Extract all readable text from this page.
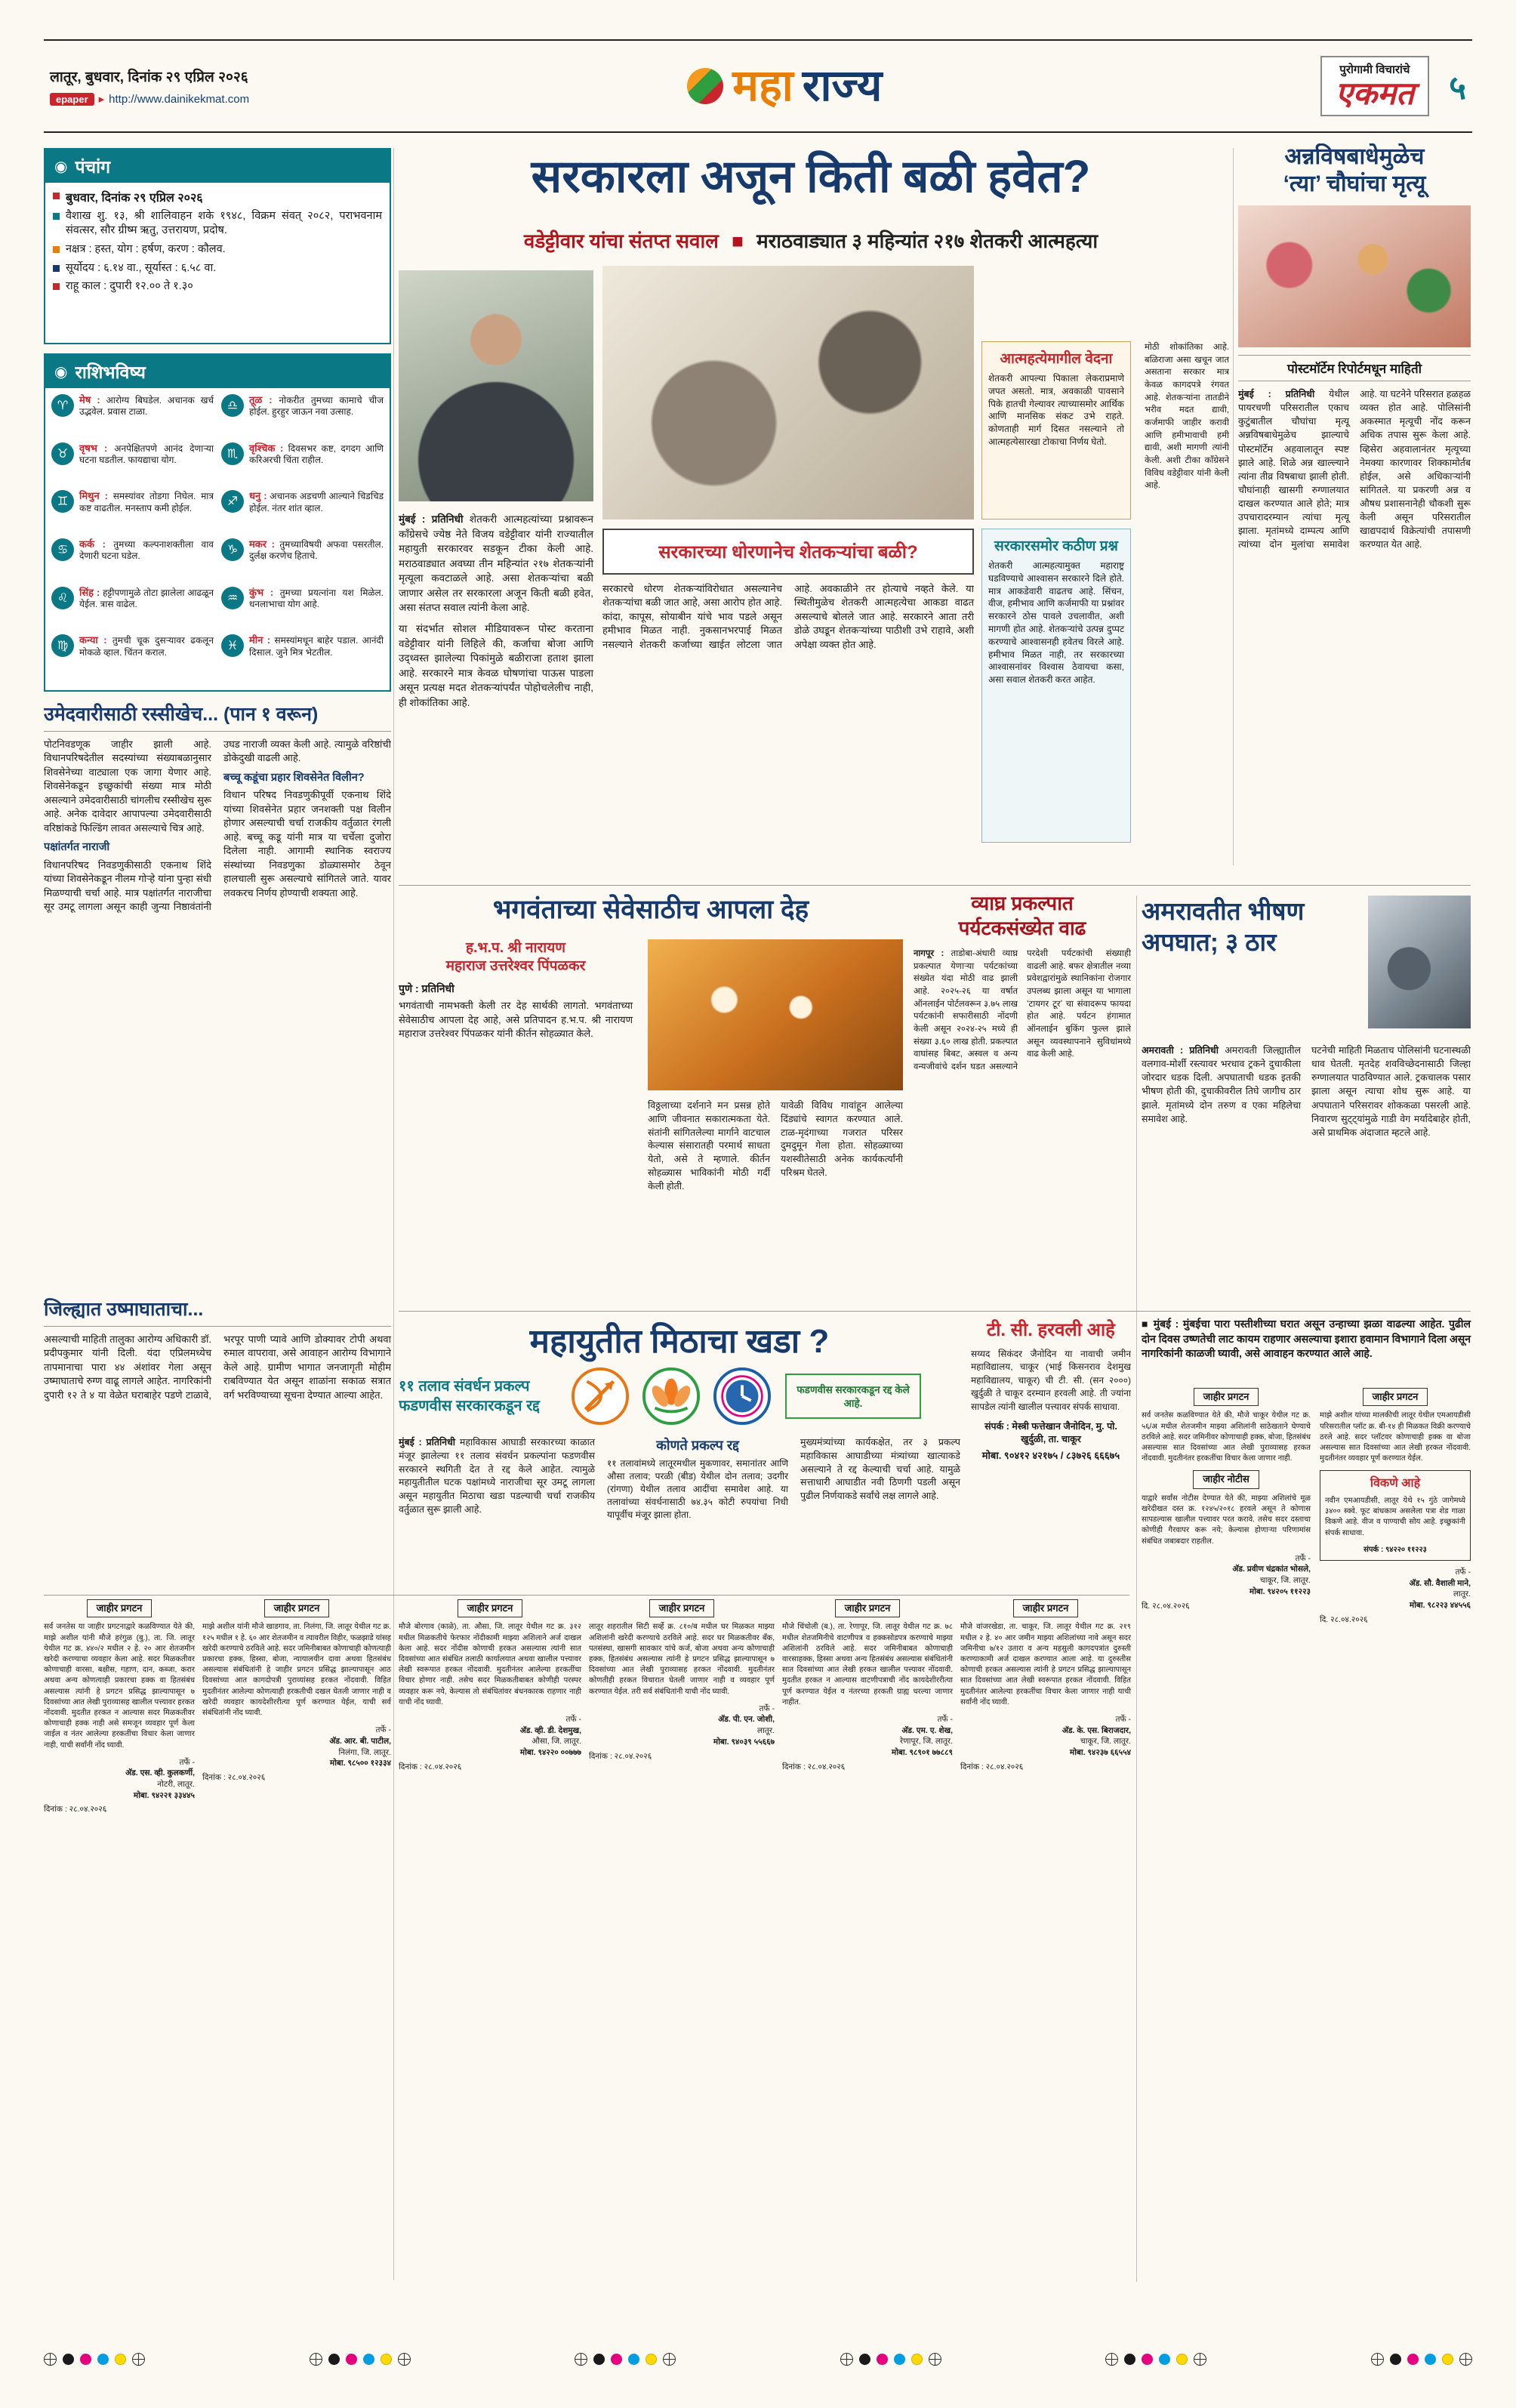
लातूर, बुधवार, दिनांक २९ एप्रिल २०२६
epaper ▸ http://www.dainikekmat.com	महा राज्य	पुरोगामी विचारांचे
एकमत ५
◉ पंचांग
बुधवार, दिनांक २९ एप्रिल २०२६
वैशाख शु. १३, श्री शालिवाहन शके १९४८, विक्रम संवत् २०८२, पराभवनाम संवत्सर, सौर ग्रीष्म ऋतु, उत्तरायण, प्रदोष.
नक्षत्र : हस्त, योग : हर्षण, करण : कौलव.
सूर्योदय : ६.१४ वा., सूर्यास्त : ६.५८ वा.
राहू काल : दुपारी १२.०० ते १.३०
◉ राशिभविष्य
♈	मेष : आरोग्य बिघडेल. अचानक खर्च उद्भवेल. प्रवास टाळा.
♉	वृषभ : अनपेक्षितपणे आनंद देणाऱ्या घटना घडतील. फायद्याचा योग.
♊	मिथुन : समस्यांवर तोडगा निघेल. मात्र कष्ट वाढतील. मनस्ताप कमी होईल.
♋	कर्क : तुमच्या कल्पनाशक्तीला वाव देणारी घटना घडेल.
♌	सिंह : हट्टीपणामुळे तोटा झालेला आढळून येईल. त्रास वाढेल.
♍	कन्या : तुमची चूक दुसऱ्यावर ढकलून मोकळे व्हाल. चिंतन कराल.
♎	तूळ : नोकरीत तुमच्या कामाचे चीज होईल. हुरहुर जाऊन नवा उत्साह.
♏	वृश्चिक : दिवसभर कष्ट, दगदग आणि करिअरची चिंता राहील.
♐	धनु : अचानक अडचणी आल्याने चिडचिड होईल. नंतर शांत व्हाल.
♑	मकर : तुमच्याविषयी अफवा पसरतील. दुर्लक्ष करणेच हिताचे.
♒	कुंभ : तुमच्या प्रयत्नांना यश मिळेल. धनलाभाचा योग आहे.
♓	मीन : समस्यांमधून बाहेर पडाल. आनंदी दिसाल. जुने मित्र भेटतील.
उमेदवारीसाठी रस्सीखेच... (पान १ वरून)

पोटनिवडणूक जाहीर झाली आहे. विधानपरिषदेतील सदस्यांच्या संख्याबळानुसार शिवसेनेच्या वाट्याला एक जागा येणार आहे. शिवसेनेकडून इच्छुकांची संख्या मात्र मोठी असल्याने उमेदवारीसाठी चांगलीच रस्सीखेच सुरू आहे. अनेक दावेदार आपापल्या उमेदवारीसाठी वरिष्ठांकडे फिल्डिंग लावत असल्याचे चित्र आहे.

पक्षांतर्गत नाराजी

विधानपरिषद निवडणुकीसाठी एकनाथ शिंदे यांच्या शिवसेनेकडून नीलम गोऱ्हे यांना पुन्हा संधी मिळण्याची चर्चा आहे. मात्र पक्षांतर्गत नाराजीचा सूर उमटू लागला असून काही जुन्या निष्ठावंतांनी उघड नाराजी व्यक्त केली आहे. त्यामुळे वरिष्ठांची डोकेदुखी वाढली आहे.

बच्चू कडूंचा प्रहार शिवसेनेत विलीन?

विधान परिषद निवडणुकीपूर्वी एकनाथ शिंदे यांच्या शिवसेनेत प्रहार जनशक्ती पक्ष विलीन होणार असल्याची चर्चा राजकीय वर्तुळात रंगली आहे. बच्चू कडू यांनी मात्र या चर्चेला दुजोरा दिलेला नाही. आगामी स्थानिक स्वराज्य संस्थांच्या निवडणुका डोळ्यासमोर ठेवून हालचाली सुरू असल्याचे सांगितले जाते. यावर लवकरच निर्णय होण्याची शक्यता आहे.

जिल्ह्यात उष्माघाताचा...

असल्याची माहिती तालुका आरोग्य अधिकारी डॉ. प्रदीपकुमार यांनी दिली. यंदा एप्रिलमध्येच तापमानाचा पारा ४४ अंशांवर गेला असून उष्माघाताचे रुग्ण वाढू लागले आहेत. नागरिकांनी दुपारी १२ ते ४ या वेळेत घराबाहेर पडणे टाळावे, भरपूर पाणी प्यावे आणि डोक्यावर टोपी अथवा रुमाल वापरावा, असे आवाहन आरोग्य विभागाने केले आहे. ग्रामीण भागात जनजागृती मोहीम राबविण्यात येत असून शाळांना सकाळ सत्रात वर्ग भरविण्याच्या सूचना देण्यात आल्या आहेत.

सरकारला अजून किती बळी हवेत?
वडेट्टीवार यांचा संतप्त सवाल ■ मराठवाड्यात ३ महिन्यांत २१७ शेतकरी आत्महत्या

मुंबई : प्रतिनिधी शेतकरी आत्महत्यांच्या प्रश्नावरून काँग्रेसचे ज्येष्ठ नेते विजय वडेट्टीवार यांनी राज्यातील महायुती सरकारवर सडकून टीका केली आहे. मराठवाड्यात अवघ्या तीन महिन्यांत २१७ शेतकऱ्यांनी मृत्यूला कवटाळले आहे. असा शेतकऱ्यांचा बळी जाणार असेल तर सरकारला अजून किती बळी हवेत, असा संतप्त सवाल त्यांनी केला आहे.

या संदर्भात सोशल मीडियावरून पोस्ट करताना वडेट्टीवार यांनी लिहिले की, कर्जाचा बोजा आणि उद्ध्वस्त झालेल्या पिकांमुळे बळीराजा हताश झाला आहे. सरकारने मात्र केवळ घोषणांचा पाऊस पाडला असून प्रत्यक्ष मदत शेतकऱ्यांपर्यंत पोहोचलेलीच नाही, ही शोकांतिका आहे.

मोठी शोकांतिका आहे. बळिराजा असा खचून जात असताना सरकार मात्र केवळ कागदपत्रे रंगवत आहे. शेतकऱ्यांना तातडीने भरीव मदत द्यावी, कर्जमाफी जाहीर करावी आणि हमीभावाची हमी द्यावी, अशी मागणी त्यांनी केली. अशी टीका काँग्रेसने विविध वडेट्टीवार यांनी केली आहे.

सरकारच्या धोरणानेच शेतकऱ्यांचा बळी?

सरकारचे धोरण शेतकऱ्यांविरोधात असल्यानेच शेतकऱ्यांचा बळी जात आहे, असा आरोप होत आहे. कांदा, कापूस, सोयाबीन यांचे भाव पडले असून हमीभाव मिळत नाही. नुकसानभरपाई मिळत नसल्याने शेतकरी कर्जाच्या खाईत लोटला जात आहे. अवकाळीने तर होत्याचे नव्हते केले. या स्थितीमुळेच शेतकरी आत्महत्येचा आकडा वाढत असल्याचे बोलले जात आहे. सरकारने आता तरी डोळे उघडून शेतकऱ्यांच्या पाठीशी उभे राहावे, अशी अपेक्षा व्यक्त होत आहे.

आत्महत्येमागील वेदना

शेतकरी आपल्या पिकाला लेकराप्रमाणे जपत असतो. मात्र, अवकाळी पावसाने पिके हातची गेल्यावर त्याच्यासमोर आर्थिक आणि मानसिक संकट उभे राहते. कोणताही मार्ग दिसत नसल्याने तो आत्महत्येसारखा टोकाचा निर्णय घेतो.

सरकारसमोर कठीण प्रश्न

शेतकरी आत्महत्यामुक्त महाराष्ट्र घडविण्याचे आश्वासन सरकारने दिले होते. मात्र आकडेवारी वाढतच आहे. सिंचन, वीज, हमीभाव आणि कर्जमाफी या प्रश्नांवर सरकारने ठोस पावले उचलावीत, अशी मागणी होत आहे. शेतकऱ्यांचे उत्पन्न दुप्पट करण्याचे आश्वासनही हवेतच विरले आहे. हमीभाव मिळत नाही, तर सरकारच्या आश्वासनांवर विश्वास ठेवायचा कसा, असा सवाल शेतकरी करत आहेत.

अन्नविषबाधेमुळेच
‘त्या’ चौघांचा मृत्यू
पोस्टमॉर्टेम रिपोर्टमधून माहिती

मुंबई : प्रतिनिधी येथील पायरचणी परिसरातील एकाच कुटुंबातील चौघांचा मृत्यू अन्नविषबाधेमुळेच झाल्याचे पोस्टमॉर्टेम अहवालातून स्पष्ट झाले आहे. शिळे अन्न खाल्ल्याने त्यांना तीव्र विषबाधा झाली होती. चौघांनाही खासगी रुग्णालयात दाखल करण्यात आले होते; मात्र उपचारादरम्यान त्यांचा मृत्यू झाला. मृतांमध्ये दाम्पत्य आणि त्यांच्या दोन मुलांचा समावेश आहे. या घटनेने परिसरात हळहळ व्यक्त होत आहे. पोलिसांनी अकस्मात मृत्यूची नोंद करून अधिक तपास सुरू केला आहे. व्हिसेरा अहवालानंतर मृत्यूच्या नेमक्या कारणावर शिक्कामोर्तब होईल, असे अधिकाऱ्यांनी सांगितले. या प्रकरणी अन्न व औषध प्रशासनानेही चौकशी सुरू केली असून परिसरातील खाद्यपदार्थ विक्रेत्यांची तपासणी करण्यात येत आहे.

भगवंताच्या सेवेसाठीच आपला देह
ह.भ.प. श्री नारायण
महाराज उत्तरेश्वर पिंपळकर
पुणे : प्रतिनिधी

भगवंताची नामभक्ती केली तर देह सार्थकी लागतो. भगवंताच्या सेवेसाठीच आपला देह आहे, असे प्रतिपादन ह.भ.प. श्री नारायण महाराज उत्तरेश्वर पिंपळकर यांनी कीर्तन सोहळ्यात केले.

विठ्ठलाच्या दर्शनाने मन प्रसन्न होते आणि जीवनात सकारात्मकता येते. संतांनी सांगितलेल्या मार्गाने वाटचाल केल्यास संसारातही परमार्थ साधता येतो, असे ते म्हणाले. कीर्तन सोहळ्यास भाविकांनी मोठी गर्दी केली होती.

यावेळी विविध गावांहून आलेल्या दिंड्यांचे स्वागत करण्यात आले. टाळ-मृदंगाच्या गजरात परिसर दुमदुमून गेला होता. सोहळ्याच्या यशस्वीतेसाठी अनेक कार्यकर्त्यांनी परिश्रम घेतले.

व्याघ्र प्रकल्पात
पर्यटकसंख्येत वाढ

नागपूर : ताडोबा-अंधारी व्याघ्र प्रकल्पात येणाऱ्या पर्यटकांच्या संख्येत यंदा मोठी वाढ झाली आहे. २०२५-२६ या वर्षात ऑनलाईन पोर्टलवरून ३.७५ लाख पर्यटकांनी सफारीसाठी नोंदणी केली असून २०२४-२५ मध्ये ही संख्या ३.६० लाख होती. प्रकल्पात वाघांसह बिबट, अस्वल व अन्य वन्यजीवांचे दर्शन घडत असल्याने परदेशी पर्यटकांची संख्याही वाढली आहे. बफर क्षेत्रातील नव्या प्रवेशद्वारांमुळे स्थानिकांना रोजगार उपलब्ध झाला असून या भागाला ‘टायगर टूर’ चा संवादरूप फायदा होत आहे. पर्यटन हंगामात ऑनलाईन बुकिंग फुल्ल झाले असून व्यवस्थापनाने सुविधांमध्ये वाढ केली आहे.

अमरावतीत भीषण
अपघात; ३ ठार

अमरावती : प्रतिनिधी अमरावती जिल्ह्यातील वलगाव-मोर्शी रस्त्यावर भरधाव ट्रकने दुचाकीला जोरदार धडक दिली. अपघाताची धडक इतकी भीषण होती की, दुचाकीवरील तिघे जागीच ठार झाले. मृतांमध्ये दोन तरुण व एका महिलेचा समावेश आहे.

घटनेची माहिती मिळताच पोलिसांनी घटनास्थळी धाव घेतली. मृतदेह शवविच्छेदनासाठी जिल्हा रुग्णालयात पाठविण्यात आले. ट्रकचालक पसार झाला असून त्याचा शोध सुरू आहे. या अपघाताने परिसरावर शोककळा पसरली आहे. निवारण सुट्ट्यांमुळे गाडी वेग मर्यादेबाहेर होती, असे प्राथमिक अंदाजात म्हटले आहे.

महायुतीत मिठाचा खडा ?
११ तलाव संवर्धन प्रकल्प फडणवीस सरकारकडून रद्द
फडणवीस सरकारकडून रद्द केले आहे.

मुंबई : प्रतिनिधी महाविकास आघाडी सरकारच्या काळात मंजूर झालेल्या ११ तलाव संवर्धन प्रकल्पांना फडणवीस सरकारने स्थगिती देत ते रद्द केले आहेत. त्यामुळे महायुतीतील घटक पक्षांमध्ये नाराजीचा सूर उमटू लागला असून महायुतीत मिठाचा खडा पडल्याची चर्चा राजकीय वर्तुळात सुरू झाली आहे.

कोणते प्रकल्प रद्द

११ तलावांमध्ये लातूरमधील मुकणावर, समानांतर आणि औसा तलाव; परळी (बीड) येथील दोन तलाव; उदगीर (रांगणा) येथील तलाव आदींचा समावेश आहे. या तलावांच्या संवर्धनासाठी ७४.३५ कोटी रुपयांचा निधी यापूर्वीच मंजूर झाला होता.

मुख्यमंत्र्यांच्या कार्यकक्षेत, तर ३ प्रकल्प महाविकास आघाडीच्या मंत्र्यांच्या खात्याकडे असल्याने ते रद्द केल्याची चर्चा आहे. यामुळे सत्ताधारी आघाडीत नवी ठिणगी पडली असून पुढील निर्णयाकडे सर्वांचे लक्ष लागले आहे.

टी. सी. हरवली आहे

सय्यद सिकंदर जैनोदिन या नावाची जमीन महाविद्यालय, चाकूर (भाई किसनराव देशमुख महाविद्यालय, चाकूर) ची टी. सी. (सन २०००) खुर्दुळी ते चाकूर दरम्यान हरवली आहे. ती ज्यांना सापडेल त्यांनी खालील पत्त्यावर संपर्क साधावा.

संपर्क : मेस्त्री फत्तेखान जैनोदिन, मु. पो. खुर्दुळी, ता. चाकूर

मोबा. ९०४१२ ४२१७५ / ८३७२६ ६६६७५

■ मुंबई : मुंबईचा पारा पस्तीशीच्या घरात असून उन्हाच्या झळा वाढल्या आहेत. पुढील दोन दिवस उष्णतेची लाट कायम राहणार असल्याचा इशारा हवामान विभागाने दिला असून नागरिकांनी काळजी घ्यावी, असे आवाहन करण्यात आले आहे.
जाहीर प्रगटन

सर्व जनतेस या जाहीर प्रगटनाद्वारे कळविण्यात येते की, माझे अशील यांनी मौजे हरंगुळ (बु.), ता. जि. लातूर येथील गट क्र. ४४०/२ मधील २ हे. २० आर शेतजमीन खरेदी करण्याचा व्यवहार केला आहे. सदर मिळकतीवर कोणाचाही वारसा, बक्षीस, गहाण, दान, कब्जा, करार अथवा अन्य कोणत्याही प्रकारचा हक्क वा हितसंबंध असल्यास त्यांनी हे प्रगटन प्रसिद्ध झाल्यापासून ७ दिवसांच्या आत लेखी पुराव्यासह खालील पत्त्यावर हरकत नोंदवावी. मुदतीत हरकत न आल्यास सदर मिळकतीवर कोणाचाही हक्क नाही असे समजून व्यवहार पूर्ण केला जाईल व नंतर आलेल्या हरकतींचा विचार केला जाणार नाही, याची सर्वांनी नोंद घ्यावी.

तर्फे -
अ‍ॅड. एस. व्ही. कुलकर्णी,
नोटरी, लातूर.
मोबा. ९४२२१ ३३४४५
दिनांक : २८.०४.२०२६
जाहीर प्रगटन

माझे अशील यांनी मौजे खाडगाव, ता. निलंगा, जि. लातूर येथील गट क्र. १२५ मधील १ हे. ६० आर शेतजमीन व त्यावरील विहीर, फळझाडे यांसह खरेदी करण्याचे ठरविले आहे. सदर जमिनीबाबत कोणाचाही कोणत्याही प्रकारचा हक्क, हिस्सा, बोजा, न्यायालयीन दावा अथवा हितसंबंध असल्यास संबंधितांनी हे जाहीर प्रगटन प्रसिद्ध झाल्यापासून आठ दिवसांच्या आत कागदोपत्री पुराव्यांसह हरकत नोंदवावी. विहित मुदतीनंतर आलेल्या कोणत्याही हरकतीची दखल घेतली जाणार नाही व खरेदी व्यवहार कायदेशीररीत्या पूर्ण करण्यात येईल, याची सर्व संबंधितांनी नोंद घ्यावी.

तर्फे -
अ‍ॅड. आर. बी. पाटील,
निलंगा, जि. लातूर.
मोबा. ९८५०० १२३३४
दिनांक : २८.०४.२०२६
जाहीर प्रगटन

मौजे बोरगाव (काळे), ता. औसा, जि. लातूर येथील गट क्र. ३१२ मधील मिळकतीचे फेरफार नोंदीकामी माझ्या अशिलाने अर्ज दाखल केला आहे. सदर नोंदीस कोणाची हरकत असल्यास त्यांनी सात दिवसांच्या आत संबंधित तलाठी कार्यालयात अथवा खालील पत्त्यावर लेखी स्वरूपात हरकत नोंदवावी. मुदतीनंतर आलेल्या हरकतींचा विचार होणार नाही. तसेच सदर मिळकतीबाबत कोणीही परस्पर व्यवहार करू नये, केल्यास तो संबंधितांवर बंधनकारक राहणार नाही याची नोंद घ्यावी.

तर्फे -
अ‍ॅड. व्ही. डी. देशमुख,
औसा, जि. लातूर.
मोबा. ९४२२० ००७७७
दिनांक : २८.०४.२०२६
जाहीर प्रगटन

लातूर शहरातील सिटी सर्व्हे क्र. ८१०/ब मधील घर मिळकत माझ्या अशिलांनी खरेदी करण्याचे ठरविले आहे. सदर घर मिळकतीवर बँक, पतसंस्था, खासगी सावकार यांचे कर्ज, बोजा अथवा अन्य कोणाचाही हक्क, हितसंबंध असल्यास त्यांनी हे प्रगटन प्रसिद्ध झाल्यापासून ७ दिवसांच्या आत लेखी पुराव्यासह हरकत नोंदवावी. मुदतीनंतर कोणतीही हरकत विचारात घेतली जाणार नाही व व्यवहार पूर्ण करण्यात येईल. तरी सर्व संबंधितांनी याची नोंद घ्यावी.

तर्फे -
अ‍ॅड. पी. एन. जोशी,
लातूर.
मोबा. ९४०३९ ५५६६७
दिनांक : २८.०४.२०२६
जाहीर प्रगटन

मौजे चिंचोली (ब.), ता. रेणापूर, जि. लातूर येथील गट क्र. ७८ मधील शेतजमिनीचे वाटणीपत्र व हक्कसोडपत्र करण्याचे माझ्या अशिलांनी ठरविले आहे. सदर जमिनीबाबत कोणाचाही वारसाहक्क, हिस्सा अथवा अन्य हितसंबंध असल्यास संबंधितांनी सात दिवसांच्या आत लेखी हरकत खालील पत्त्यावर नोंदवावी. मुदतीत हरकत न आल्यास वाटणीपत्राची नोंद कायदेशीररीत्या पूर्ण करण्यात येईल व नंतरच्या हरकती ग्राह्य धरल्या जाणार नाहीत.

तर्फे -
अ‍ॅड. एम. ए. शेख,
रेणापूर, जि. लातूर.
मोबा. ९८९०१ ७७८८९
दिनांक : २८.०४.२०२६
जाहीर प्रगटन

मौजे वांजरखेडा, ता. चाकूर, जि. लातूर येथील गट क्र. २१९ मधील २ हे. ४० आर जमीन माझ्या अशिलांच्या नावे असून सदर जमिनीचा ७/१२ उतारा व अन्य महसुली कागदपत्रांत दुरुस्ती करण्याकामी अर्ज दाखल करण्यात आला आहे. या दुरुस्तीस कोणाची हरकत असल्यास त्यांनी हे प्रगटन प्रसिद्ध झाल्यापासून सात दिवसांच्या आत लेखी स्वरूपात हरकत नोंदवावी. विहित मुदतीनंतर आलेल्या हरकतींचा विचार केला जाणार नाही याची सर्वांनी नोंद घ्यावी.

तर्फे -
अ‍ॅड. के. एस. बिराजदार,
चाकूर, जि. लातूर.
मोबा. ९४२३७ ६६५५४
दिनांक : २८.०४.२०२६
जाहीर प्रगटन

सर्व जनतेस कळविण्यात येते की, मौजे चाकूर येथील गट क्र. ५६/अ मधील शेतजमीन माझ्या अशिलांनी साठेखताने घेण्याचे ठरविले आहे. सदर जमिनीवर कोणाचाही हक्क, बोजा, हितसंबंध असल्यास सात दिवसांच्या आत लेखी पुराव्यासह हरकत नोंदवावी. मुदतीनंतर हरकतींचा विचार केला जाणार नाही.

जाहीर नोटीस

याद्वारे सर्वांस नोटीस देण्यात येते की, माझ्या अशिलांचे मूळ खरेदीखत दस्त क्र. १२४५/२०१८ हरवले असून ते कोणास सापडल्यास खालील पत्त्यावर परत करावे. तसेच सदर दस्ताचा कोणीही गैरवापर करू नये; केल्यास होणाऱ्या परिणामांस संबंधित जबाबदार राहतील.

तर्फे -
अ‍ॅड. प्रवीण चंद्रकांत भोसले,
चाकूर, जि. लातूर.
मोबा. ९४२०५ ११२२३
दि. २८.०४.२०२६
जाहीर प्रगटन

माझे अशील यांच्या मालकीची लातूर येथील एमआयडीसी परिसरातील प्लॉट क्र. बी-१४ ही मिळकत विक्री करण्याचे ठरले आहे. सदर प्लॉटवर कोणाचाही हक्क वा बोजा असल्यास सात दिवसांच्या आत लेखी हरकत नोंदवावी. मुदतीनंतर व्यवहार पूर्ण करण्यात येईल.

विकणे आहे

नवीन एमआयडीसी, लातूर येथे १५ गुंठे जागेमध्ये ३४०० स्क्वे. फूट बांधकाम असलेला पत्रा शेड गाळा विकणे आहे. वीज व पाण्याची सोय आहे. इच्छुकांनी संपर्क साधावा.

संपर्क : ९४२२० ११२२३
तर्फे -
अ‍ॅड. सौ. वैशाली माने,
लातूर.
मोबा. ९८२२३ ४४५५६
दि. २८.०४.२०२६
